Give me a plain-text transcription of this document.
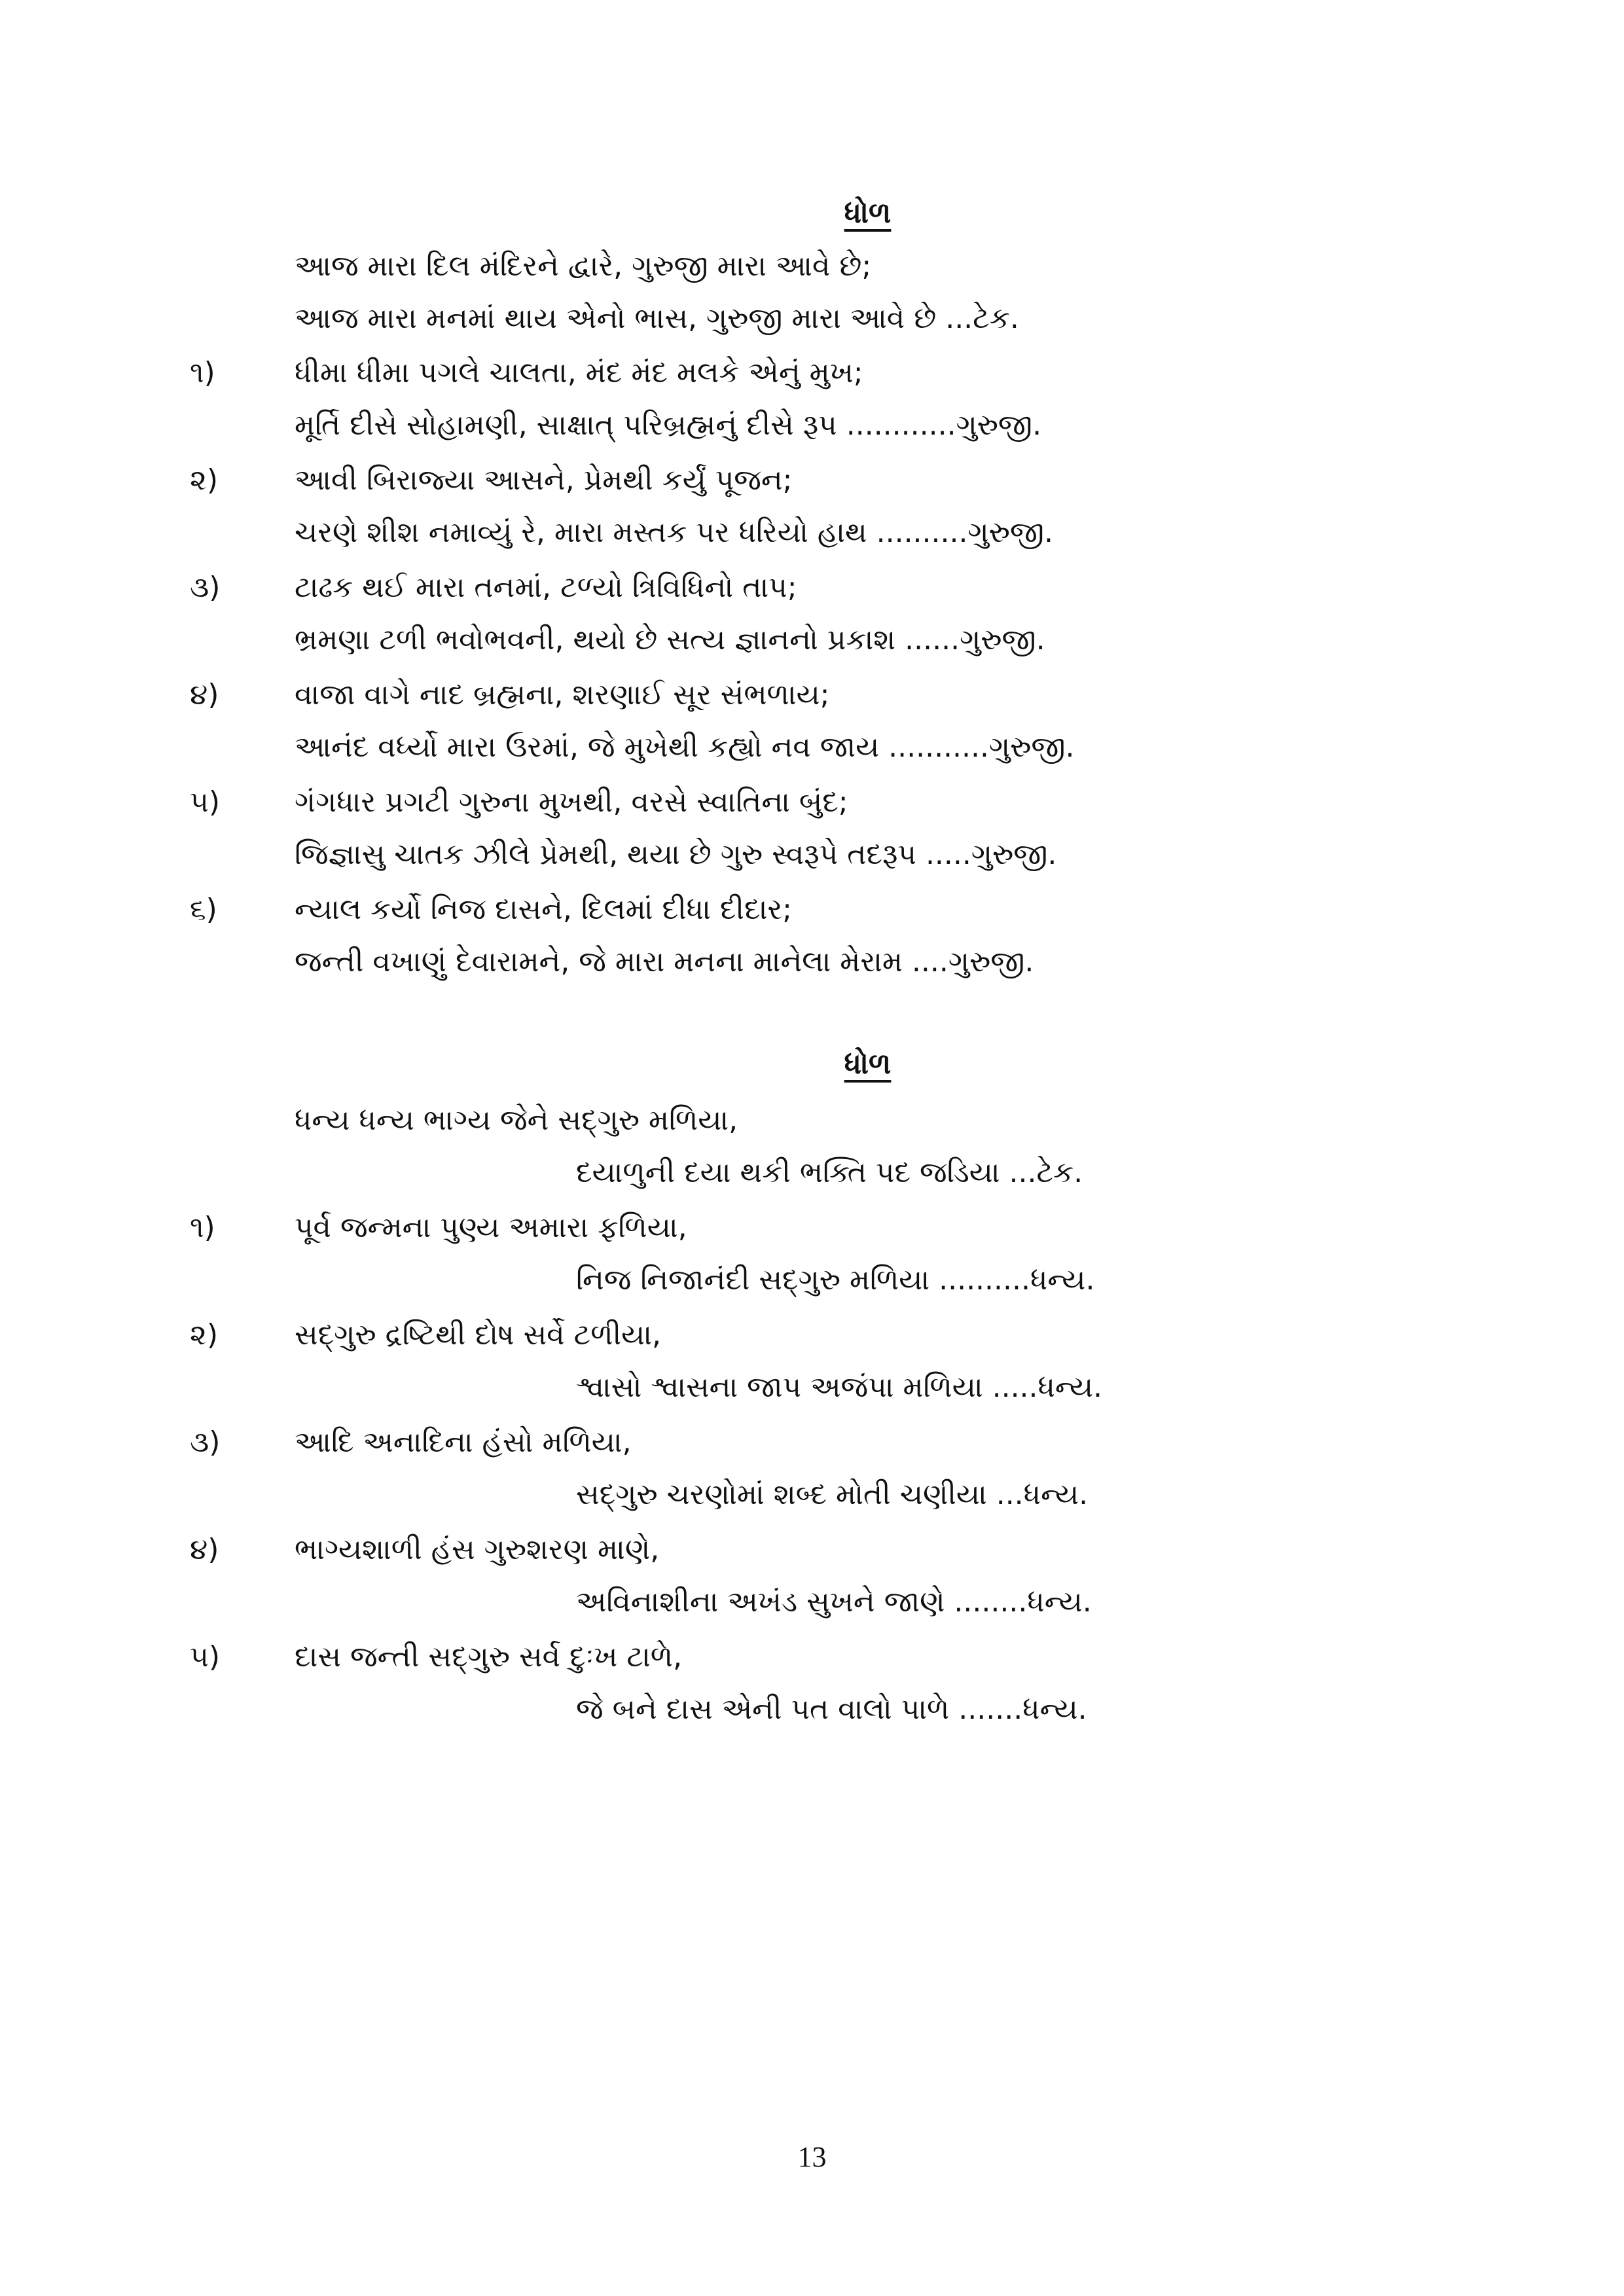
ધોળ
આજ મારા દિલ મંદિરને દ્વારે, ગુરુજી મારા આવે છે;
આજ મારા મનમાં થાય એનો ભાસ, ગુરુજી મારા આવે છે ...ટેક.
૧)	ધીમા ધીમા પગલે ચાલતા, મંદ મંદ મલકે એનું મુખ;
મૂર્તિ દીસે સોહામણી, સાક્ષાત્ પરિબ્રહ્મનું દીસે રૂપ ............ગુરુજી.
૨)	આવી બિરાજ્યા આસને, પ્રેમથી કર્યું પૂજન;
ચરણે શીશ નમાવ્યું રે, મારા મસ્તક પર ધરિયો હાથ ..........ગુરુજી.
૩)	ટાઢક થઈ મારા તનમાં, ટળ્યો ત્રિવિધિનો તાપ;
ભ્રમણા ટળી ભવોભવની, થયો છે સત્ય જ્ઞાનનો પ્રકાશ ......ગુરુજી.
૪)	વાજા વાગે નાદ બ્રહ્મના, શરણાઈ સૂર સંભળાય;
આનંદ વર્ધ્યો મારા ઉરમાં, જે મુખેથી કહ્યો નવ જાય ...........ગુરુજી.
૫)	ગંગધાર પ્રગટી ગુરુના મુખથી, વરસે સ્વાતિના બુંદ;
જિજ્ઞાસુ ચાતક ઝીલે પ્રેમથી, થયા છે ગુરુ સ્વરૂપે તદરૂપ .....ગુરુજી.
૬)	ન્યાલ કર્યો નિજ દાસને, દિલમાં દીધા દીદાર;
જન્તી વખાણું દેવારામને, જે મારા મનના માનેલા મેરામ ....ગુરુજી.
ધોળ
ધન્ય ધન્ય ભાગ્ય જેને સદ્ગુરુ મળિયા,
દયાળુની દયા થકી ભક્તિ પદ જડિયા ...ટેક.
૧)	પૂર્વ જન્મના પુણ્ય અમારા ફળિયા,
નિજ નિજાનંદી સદ્ગુરુ મળિયા ..........ધન્ય.
૨)	સદ્ગુરુ દ્રષ્ટિથી દોષ સર્વે ટળીયા,
શ્વાસો શ્વાસના જાપ અજંપા મળિયા .....ધન્ય.
૩)	આદિ અનાદિના હંસો મળિયા,
સદ્ગુરુ ચરણોમાં શબ્દ મોતી ચણીયા ...ધન્ય.
૪)	ભાગ્યશાળી હંસ ગુરુશરણ માણે,
અવિનાશીના અખંડ સુખને જાણે ........ધન્ય.
૫)	દાસ જન્તી સદ્ગુરુ સર્વ દુઃખ ટાળે,
જે બને દાસ એની પત વાલો પાળે .......ધન્ય.
13
